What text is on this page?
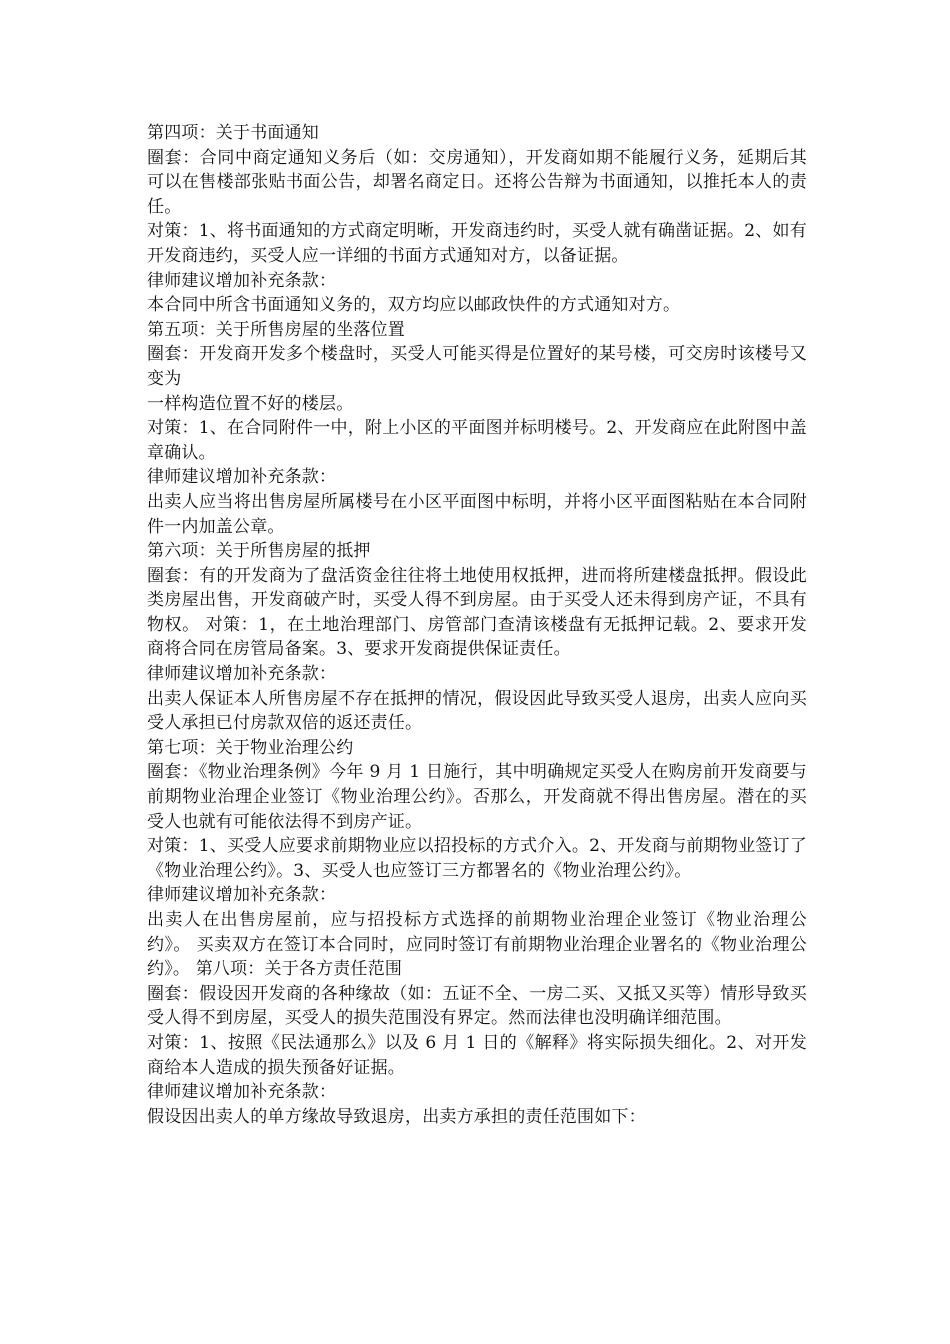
第四项：关于书面通知

圈套：合同中商定通知义务后（如：交房通知），开发商如期不能履行义务，延期后其可以在售楼部张贴书面公告，却署名商定日。还将公告辩为书面通知，以推托本人的责任。

对策：1、将书面通知的方式商定明晰，开发商违约时，买受人就有确凿证据。2、如有开发商违约，买受人应一详细的书面方式通知对方，以备证据。

律师建议增加补充条款：

本合同中所含书面通知义务的，双方均应以邮政快件的方式通知对方。

第五项：关于所售房屋的坐落位置

圈套：开发商开发多个楼盘时，买受人可能买得是位置好的某号楼，可交房时该楼号又变为

一样构造位置不好的楼层。

对策：1、在合同附件一中，附上小区的平面图并标明楼号。2、开发商应在此附图中盖章确认。

律师建议增加补充条款：

出卖人应当将出售房屋所属楼号在小区平面图中标明，并将小区平面图粘贴在本合同附件一内加盖公章。

第六项：关于所售房屋的抵押

圈套：有的开发商为了盘活资金往往将土地使用权抵押，进而将所建楼盘抵押。假设此类房屋出售，开发商破产时，买受人得不到房屋。由于买受人还未得到房产证，不具有物权。 对策：1，在土地治理部门、房管部门查清该楼盘有无抵押记载。2、要求开发商将合同在房管局备案。3、要求开发商提供保证责任。

律师建议增加补充条款：

出卖人保证本人所售房屋不存在抵押的情况，假设因此导致买受人退房，出卖人应向买受人承担已付房款双倍的返还责任。

第七项：关于物业治理公约

圈套：《物业治理条例》今年 9 月 1 日施行，其中明确规定买受人在购房前开发商要与前期物业治理企业签订《物业治理公约》。否那么，开发商就不得出售房屋。潜在的买受人也就有可能依法得不到房产证。

对策：1、买受人应要求前期物业应以招投标的方式介入。2、开发商与前期物业签订了《物业治理公约》。3、买受人也应签订三方都署名的《物业治理公约》。

律师建议增加补充条款：

出卖人在出售房屋前，应与招投标方式选择的前期物业治理企业签订《物业治理公约》。 买卖双方在签订本合同时，应同时签订有前期物业治理企业署名的《物业治理公约》。 第八项：关于各方责任范围

圈套：假设因开发商的各种缘故（如：五证不全、一房二买、又抵又买等）情形导致买受人得不到房屋，买受人的损失范围没有界定。然而法律也没明确详细范围。

对策：1、按照《民法通那么》以及 6 月 1 日的《解释》将实际损失细化。2、对开发商给本人造成的损失预备好证据。

律师建议增加补充条款：

假设因出卖人的单方缘故导致退房，出卖方承担的责任范围如下：
